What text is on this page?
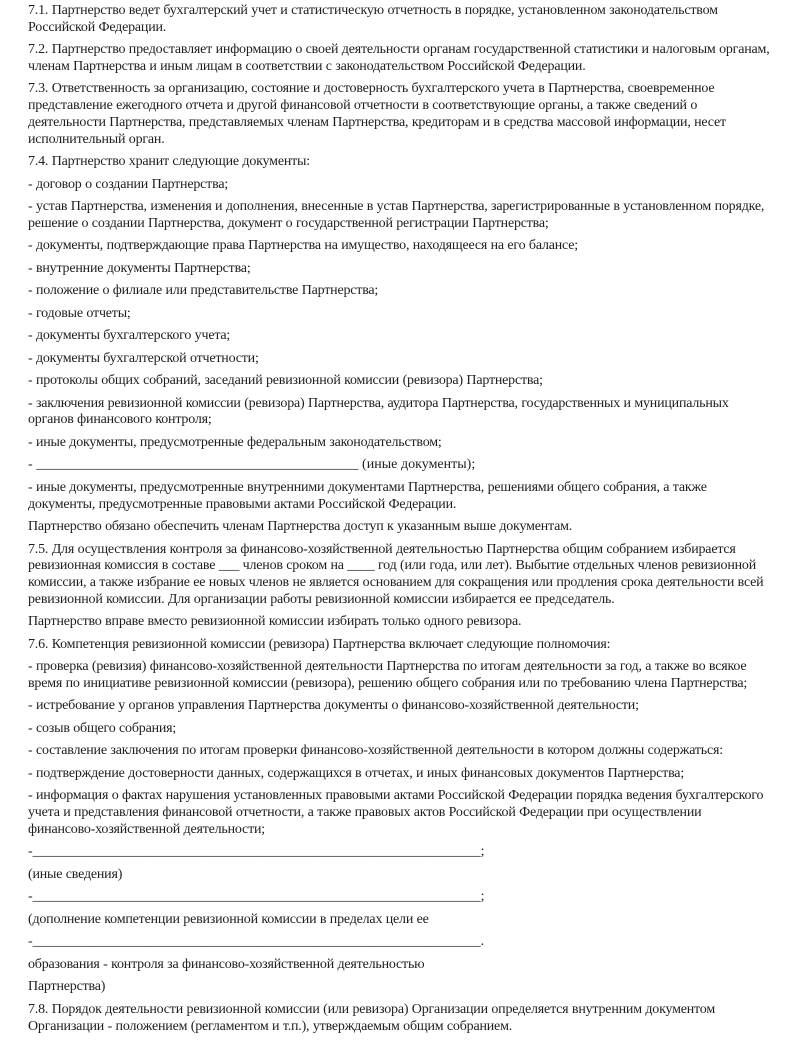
7.1. Партнерство ведет бухгалтерский учет и статистическую отчетность в порядке, установленном законодательством Российской Федерации.

7.2. Партнерство предоставляет информацию о своей деятельности органам государственной статистики и налоговым органам, членам Партнерства и иным лицам в соответствии с законодательством Российской Федерации.

7.3. Ответственность за организацию, состояние и достоверность бухгалтерского учета в Партнерства, своевременное представление ежегодного отчета и другой финансовой отчетности в соответствующие органы, а также сведений о деятельности Партнерства, представляемых членам Партнерства, кредиторам и в средства массовой информации, несет исполнительный орган.

7.4. Партнерство хранит следующие документы:

- договор о создании Партнерства;

- устав Партнерства, изменения и дополнения, внесенные в устав Партнерства, зарегистрированные в установленном порядке, решение о создании Партнерства, документ о государственной регистрации Партнерства;

- документы, подтверждающие права Партнерства на имущество, находящееся на его балансе;

- внутренние документы Партнерства;

- положение о филиале или представительстве Партнерства;

- годовые отчеты;

- документы бухгалтерского учета;

- документы бухгалтерской отчетности;

- протоколы общих собраний, заседаний ревизионной комиссии (ревизора) Партнерства;

- заключения ревизионной комиссии (ревизора) Партнерства, аудитора Партнерства, государственных и муниципальных органов финансового контроля;

- иные документы, предусмотренные федеральным законодательством;

- ______________________________________________ (иные документы);

- иные документы, предусмотренные внутренними документами Партнерства, решениями общего собрания, а также документы, предусмотренные правовыми актами Российской Федерации.

Партнерство обязано обеспечить членам Партнерства доступ к указанным выше документам.

7.5. Для осуществления контроля за финансово-хозяйственной деятельностью Партнерства общим собранием избирается ревизионная комиссия в составе ___ членов сроком на ____ год (или года, или лет). Выбытие отдельных членов ревизионной комиссии, а также избрание ее новых членов не является основанием для сокращения или продления срока деятельности всей ревизионной комиссии. Для организации работы ревизионной комиссии избирается ее председатель.

Партнерство вправе вместо ревизионной комиссии избирать только одного ревизора.

7.6. Компетенция ревизионной комиссии (ревизора) Партнерства включает следующие полномочия:

- проверка (ревизия) финансово-хозяйственной деятельности Партнерства по итогам деятельности за год, а также во всякое время по инициативе ревизионной комиссии (ревизора), решению общего собрания или по требованию члена Партнерства;

- истребование у органов управления Партнерства документы о финансово-хозяйственной деятельности;

- созыв общего собрания;

- составление заключения по итогам проверки финансово-хозяйственной деятельности в котором должны содержаться:

- подтверждение достоверности данных, содержащихся в отчетах, и иных финансовых документов Партнерства;

- информация о фактах нарушения установленных правовыми актами Российской Федерации порядка ведения бухгалтерского учета и представления финансовой отчетности, а также правовых актов Российской Федерации при осуществлении финансово-хозяйственной деятельности;

-________________________________________________________________;

(иные сведения)

-________________________________________________________________;

(дополнение компетенции ревизионной комиссии в пределах цели ее

-________________________________________________________________.

образования - контроля за финансово-хозяйственной деятельностью

Партнерства)

7.8. Порядок деятельности ревизионной комиссии (или ревизора) Организации определяется внутренним документом Организации - положением (регламентом и т.п.), утверждаемым общим собранием.
